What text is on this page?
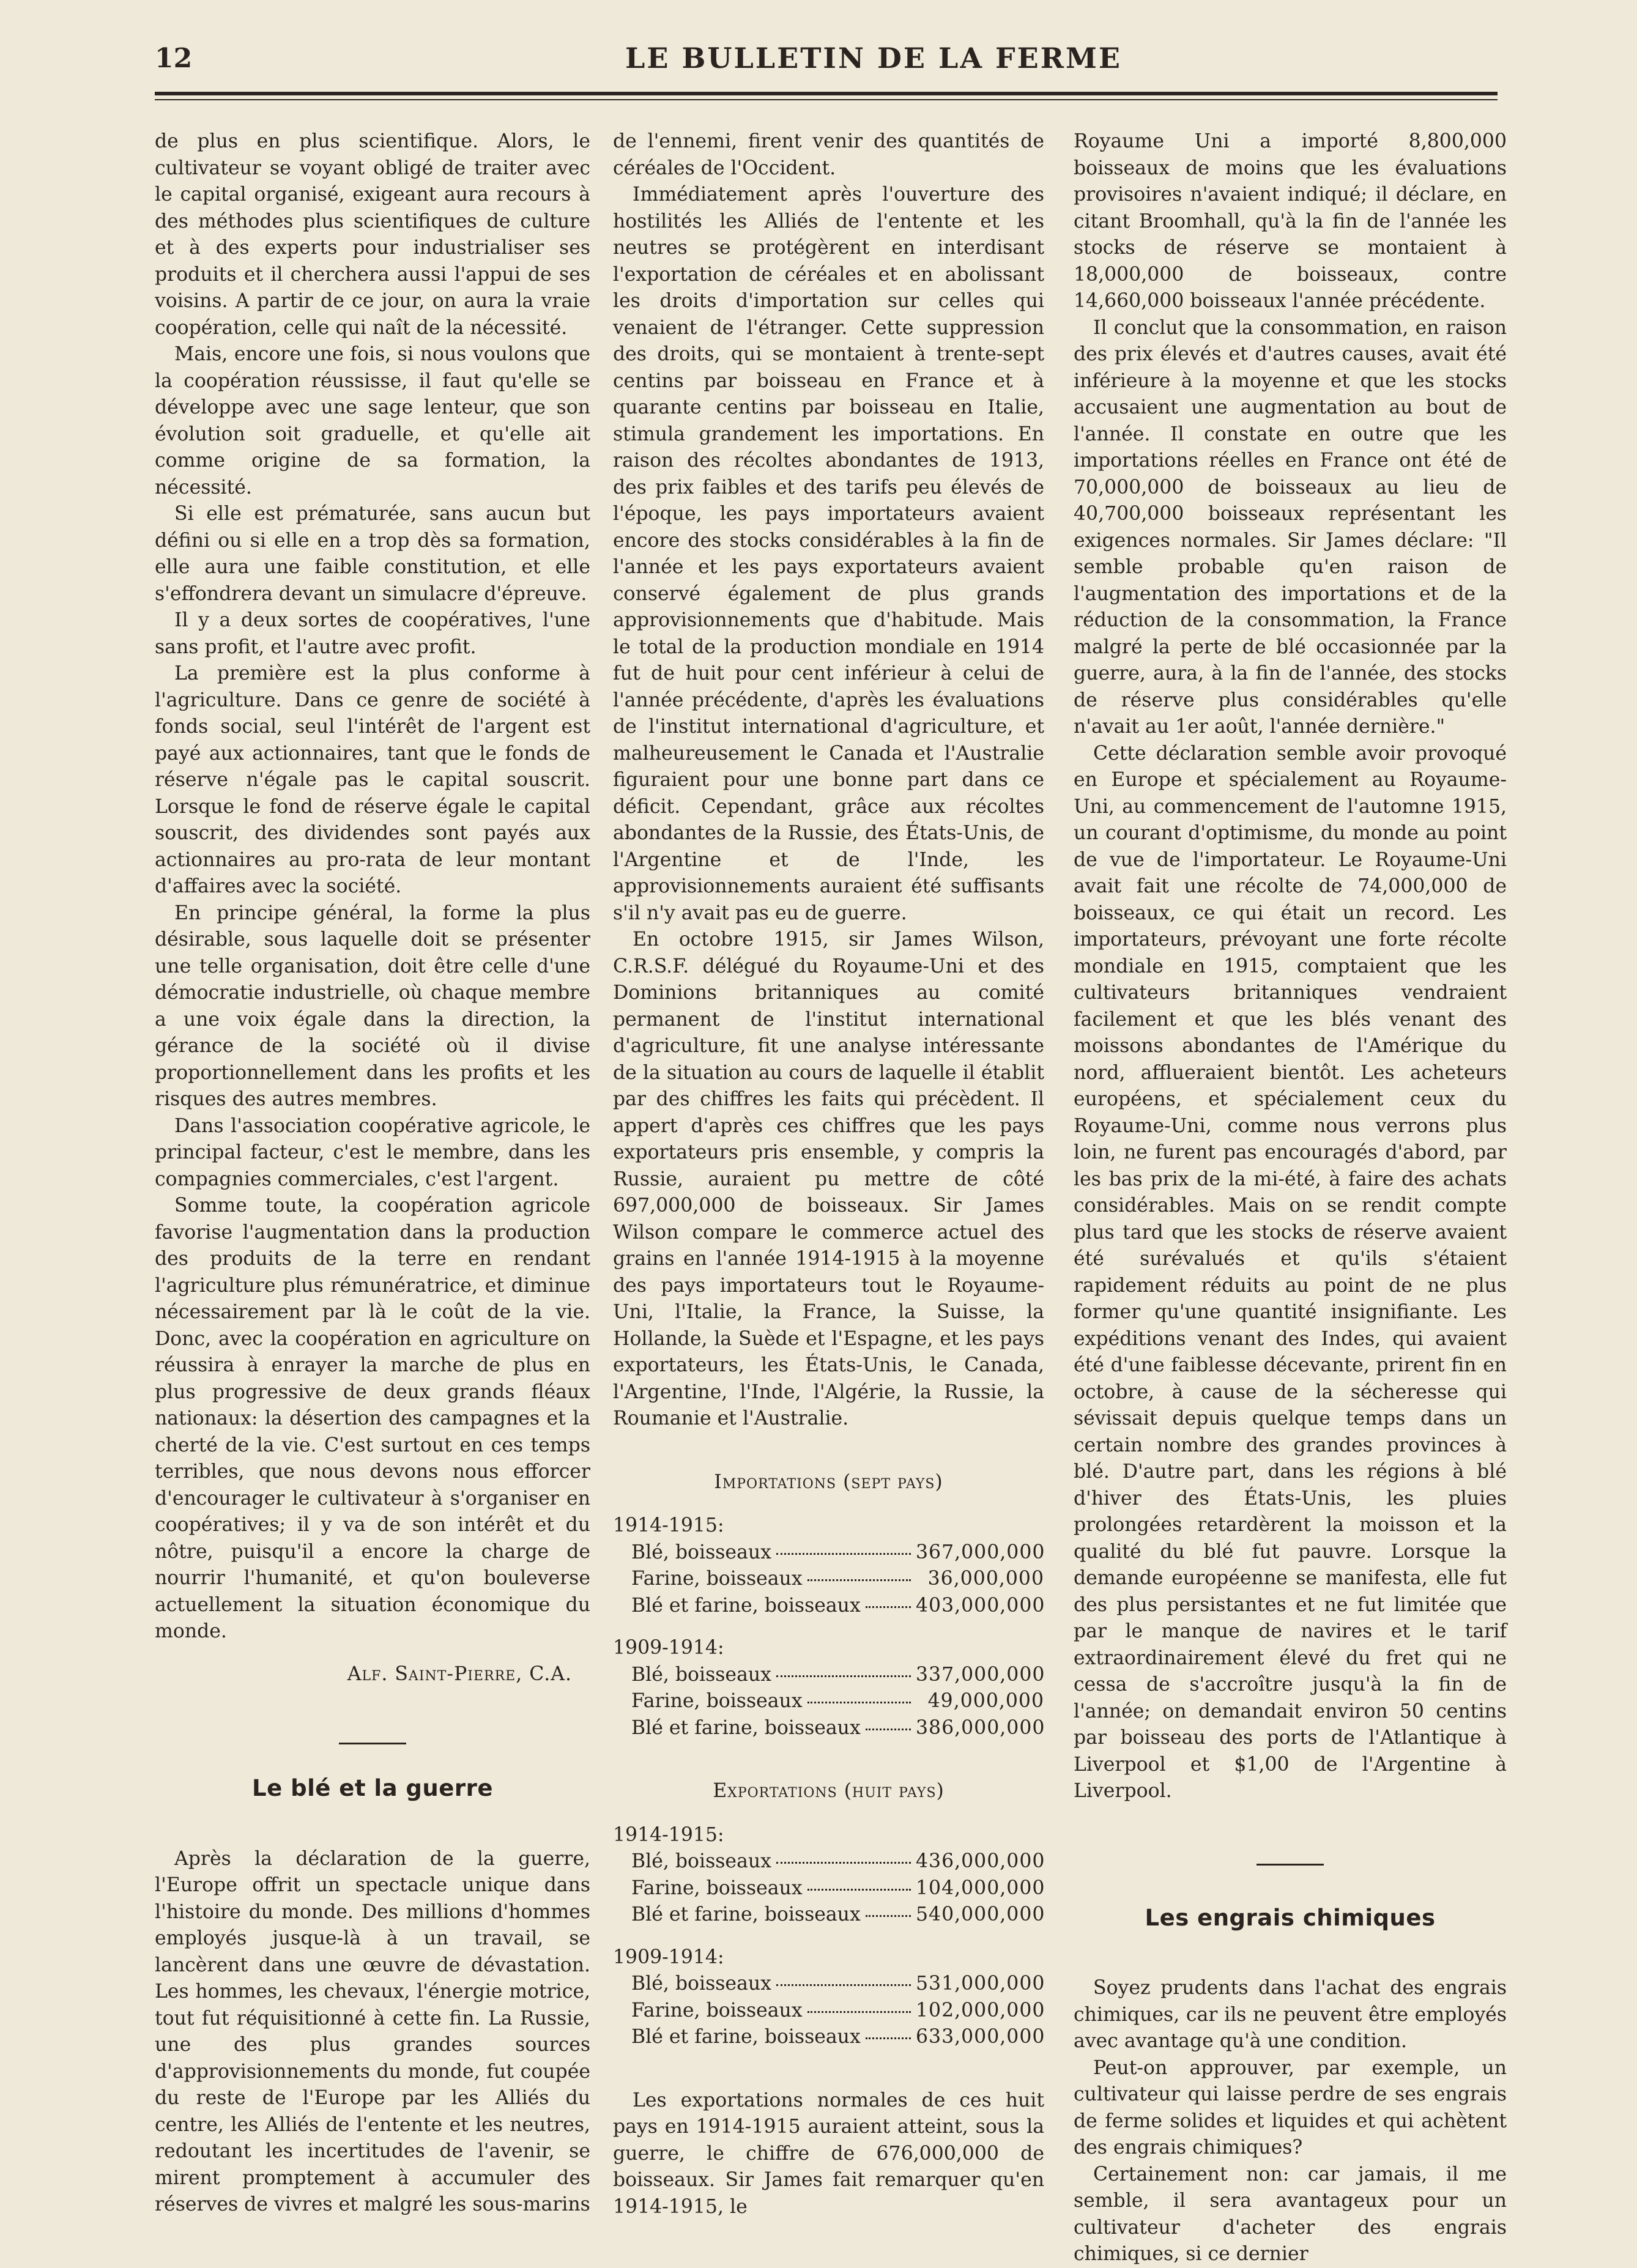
12	LE BULLETIN DE LA FERME

de plus en plus scientifique. Alors, le cultivateur se voyant obligé de traiter avec le capital organisé, exigeant aura recours à des méthodes plus scientifiques de culture et à des experts pour industrialiser ses produits et il cherchera aussi l'appui de ses voisins. A partir de ce jour, on aura la vraie coopération, celle qui naît de la nécessité.

Mais, encore une fois, si nous voulons que la coopération réussisse, il faut qu'elle se développe avec une sage lenteur, que son évolution soit graduelle, et qu'elle ait comme origine de sa formation, la nécessité.

Si elle est prématurée, sans aucun but défini ou si elle en a trop dès sa formation, elle aura une faible constitution, et elle s'effondrera devant un simulacre d'épreuve.

Il y a deux sortes de coopératives, l'une sans profit, et l'autre avec profit.

La première est la plus conforme à l'agriculture. Dans ce genre de société à fonds social, seul l'intérêt de l'argent est payé aux actionnaires, tant que le fonds de réserve n'égale pas le capital souscrit. Lorsque le fond de réserve égale le capital souscrit, des dividendes sont payés aux actionnaires au pro-rata de leur montant d'affaires avec la société.

En principe général, la forme la plus désirable, sous laquelle doit se présenter une telle organisation, doit être celle d'une démocratie industrielle, où chaque membre a une voix égale dans la direction, la gérance de la société où il divise proportionnellement dans les profits et les risques des autres membres.

Dans l'association coopérative agricole, le principal facteur, c'est le membre, dans les compagnies commerciales, c'est l'argent.

Somme toute, la coopération agricole favorise l'augmentation dans la production des produits de la terre en rendant l'agriculture plus rémunératrice, et diminue nécessairement par là le coût de la vie. Donc, avec la coopération en agriculture on réussira à enrayer la marche de plus en plus progressive de deux grands fléaux nationaux: la désertion des campagnes et la cherté de la vie. C'est surtout en ces temps terribles, que nous devons nous efforcer d'encourager le cultivateur à s'organiser en coopératives; il y va de son intérêt et du nôtre, puisqu'il a encore la charge de nourrir l'humanité, et qu'on bouleverse actuellement la situation économique du monde.

Alf. Saint-Pierre, C.A.

Le blé et la guerre

Après la déclaration de la guerre, l'Europe offrit un spectacle unique dans l'histoire du monde. Des millions d'hommes employés jusque-là à un travail, se lancèrent dans une œuvre de dévastation. Les hommes, les chevaux, l'énergie motrice, tout fut réquisitionné à cette fin. La Russie, une des plus grandes sources d'approvisionnements du monde, fut coupée du reste de l'Europe par les Alliés du centre, les Alliés de l'entente et les neutres, redoutant les incertitudes de l'avenir, se mirent promptement à accumuler des réserves de vivres et malgré les sous-marins

de l'ennemi, firent venir des quantités de céréales de l'Occident.

Immédiatement après l'ouverture des hostilités les Alliés de l'entente et les neutres se protégèrent en interdisant l'exportation de céréales et en abolissant les droits d'importation sur celles qui venaient de l'étranger. Cette suppression des droits, qui se montaient à trente-sept centins par boisseau en France et à quarante centins par boisseau en Italie, stimula grandement les importations. En raison des récoltes abondantes de 1913, des prix faibles et des tarifs peu élevés de l'époque, les pays importateurs avaient encore des stocks considérables à la fin de l'année et les pays exportateurs avaient conservé également de plus grands approvisionnements que d'habitude. Mais le total de la production mondiale en 1914 fut de huit pour cent inférieur à celui de l'année précédente, d'après les évaluations de l'institut international d'agriculture, et malheureusement le Canada et l'Australie figuraient pour une bonne part dans ce déficit. Cependant, grâce aux récoltes abondantes de la Russie, des États-Unis, de l'Argentine et de l'Inde, les approvisionnements auraient été suffisants s'il n'y avait pas eu de guerre.

En octobre 1915, sir James Wilson, C.R.S.F. délégué du Royaume-Uni et des Dominions britanniques au comité permanent de l'institut international d'agriculture, fit une analyse intéressante de la situation au cours de laquelle il établit par des chiffres les faits qui précèdent. Il appert d'après ces chiffres que les pays exportateurs pris ensemble, y compris la Russie, auraient pu mettre de côté 697,000,000 de boisseaux. Sir James Wilson compare le commerce actuel des grains en l'année 1914-1915 à la moyenne des pays importateurs tout le Royaume-Uni, l'Italie, la France, la Suisse, la Hollande, la Suède et l'Espagne, et les pays exportateurs, les États-Unis, le Canada, l'Argentine, l'Inde, l'Algérie, la Russie, la Roumanie et l'Australie.

Importations (sept pays)

1914-1915:

Blé, boisseaux	367,000,000
Farine, boisseaux	36,000,000
Blé et farine, boisseaux	403,000,000

1909-1914:

Blé, boisseaux	337,000,000
Farine, boisseaux	49,000,000
Blé et farine, boisseaux	386,000,000

Exportations (huit pays)

1914-1915:

Blé, boisseaux	436,000,000
Farine, boisseaux	104,000,000
Blé et farine, boisseaux	540,000,000

1909-1914:

Blé, boisseaux	531,000,000
Farine, boisseaux	102,000,000
Blé et farine, boisseaux	633,000,000

Les exportations normales de ces huit pays en 1914-1915 auraient atteint, sous la guerre, le chiffre de 676,000,000 de boisseaux. Sir James fait remarquer qu'en 1914-1915, le

Royaume Uni a importé 8,800,000 boisseaux de moins que les évaluations provisoires n'avaient indiqué; il déclare, en citant Broomhall, qu'à la fin de l'année les stocks de réserve se montaient à 18,000,000 de boisseaux, contre 14,660,000 boisseaux l'année précédente.

Il conclut que la consommation, en raison des prix élevés et d'autres causes, avait été inférieure à la moyenne et que les stocks accusaient une augmentation au bout de l'année. Il constate en outre que les importations réelles en France ont été de 70,000,000 de boisseaux au lieu de 40,700,000 boisseaux représentant les exigences normales. Sir James déclare: "Il semble probable qu'en raison de l'augmentation des importations et de la réduction de la consommation, la France malgré la perte de blé occasionnée par la guerre, aura, à la fin de l'année, des stocks de réserve plus considérables qu'elle n'avait au 1er août, l'année dernière."

Cette déclaration semble avoir provoqué en Europe et spécialement au Royaume-Uni, au commencement de l'automne 1915, un courant d'optimisme, du monde au point de vue de l'importateur. Le Royaume-Uni avait fait une récolte de 74,000,000 de boisseaux, ce qui était un record. Les importateurs, prévoyant une forte récolte mondiale en 1915, comptaient que les cultivateurs britanniques vendraient facilement et que les blés venant des moissons abondantes de l'Amérique du nord, afflueraient bientôt. Les acheteurs européens, et spécialement ceux du Royaume-Uni, comme nous verrons plus loin, ne furent pas encouragés d'abord, par les bas prix de la mi-été, à faire des achats considérables. Mais on se rendit compte plus tard que les stocks de réserve avaient été surévalués et qu'ils s'étaient rapidement réduits au point de ne plus former qu'une quantité insignifiante. Les expéditions venant des Indes, qui avaient été d'une faiblesse décevante, prirent fin en octobre, à cause de la sécheresse qui sévissait depuis quelque temps dans un certain nombre des grandes provinces à blé. D'autre part, dans les régions à blé d'hiver des États-Unis, les pluies prolongées retardèrent la moisson et la qualité du blé fut pauvre. Lorsque la demande européenne se manifesta, elle fut des plus persistantes et ne fut limitée que par le manque de navires et le tarif extraordinairement élevé du fret qui ne cessa de s'accroître jusqu'à la fin de l'année; on demandait environ 50 centins par boisseau des ports de l'Atlantique à Liverpool et $1,00 de l'Argentine à Liverpool.

Les engrais chimiques

Soyez prudents dans l'achat des engrais chimiques, car ils ne peuvent être employés avec avantage qu'à une condition.

Peut-on approuver, par exemple, un cultivateur qui laisse perdre de ses engrais de ferme solides et liquides et qui achètent des engrais chimiques?

Certainement non: car jamais, il me semble, il sera avantageux pour un cultivateur d'acheter des engrais chimiques, si ce dernier
